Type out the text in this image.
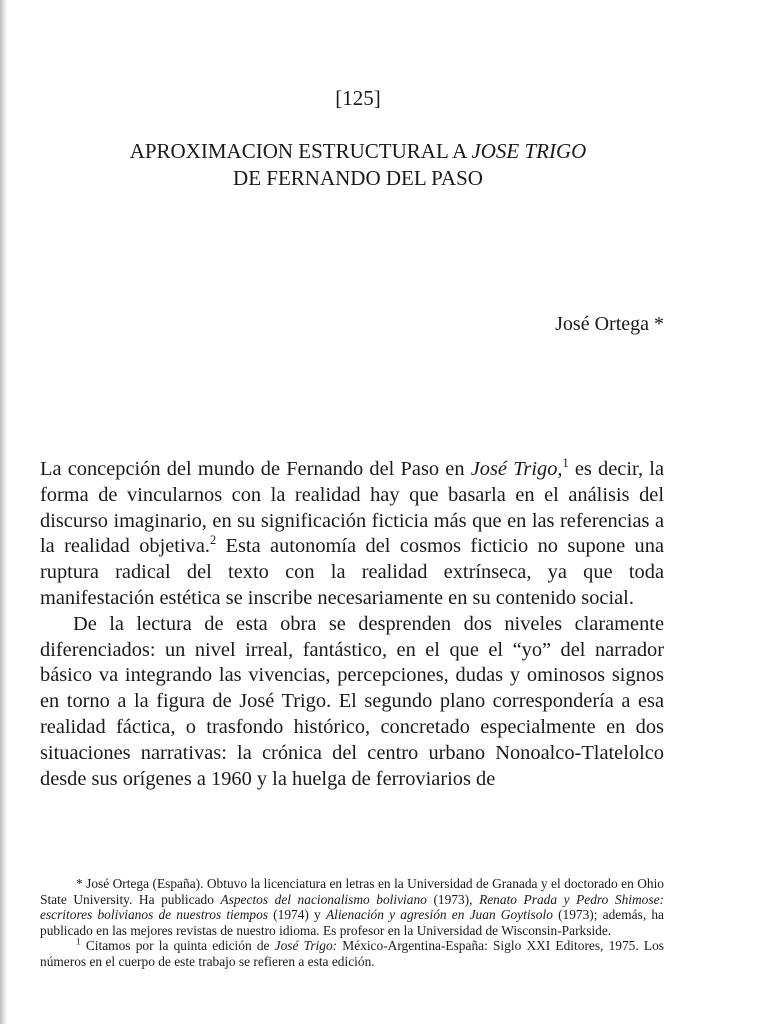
[125]
APROXIMACION ESTRUCTURAL A JOSE TRIGO
DE FERNANDO DEL PASO
José Ortega *

La concepción del mundo de Fernando del Paso en José Trigo,$^1$ es decir, la forma de vincularnos con la realidad hay que basarla en el análisis del discurso imaginario, en su significación ficticia más que en las referencias a la realidad objetiva.$^2$ Esta autonomía del cosmos ficticio no supone una ruptura radical del texto con la realidad extrínseca, ya que toda manifestación estética se inscribe necesariamente en su contenido social.

De la lectura de esta obra se desprenden dos niveles claramente diferenciados: un nivel irreal, fantástico, en el que el “yo” del narrador básico va integrando las vivencias, percepciones, dudas y ominosos signos en torno a la figura de José Trigo. El segundo plano correspondería a esa realidad fáctica, o trasfondo histórico, concretado especialmente en dos situaciones narrativas: la crónica del centro urbano Nonoalco-Tlatelolco desde sus orígenes a 1960 y la huelga de ferroviarios de

* José Ortega (España). Obtuvo la licenciatura en letras en la Universidad de Granada y el doctorado en Ohio State University. Ha publicado Aspectos del nacionalismo boliviano (1973), Renato Prada y Pedro Shimose: escritores bolivianos de nuestros tiempos (1974) y Alienación y agresión en Juan Goytisolo (1973); además, ha publicado en las mejores revistas de nuestro idioma. Es profesor en la Universidad de Wisconsin-Parkside.

$^1$ Citamos por la quinta edición de José Trigo: México-Argentina-España: Siglo XXI Editores, 1975. Los números en el cuerpo de este trabajo se refieren a esta edición.
